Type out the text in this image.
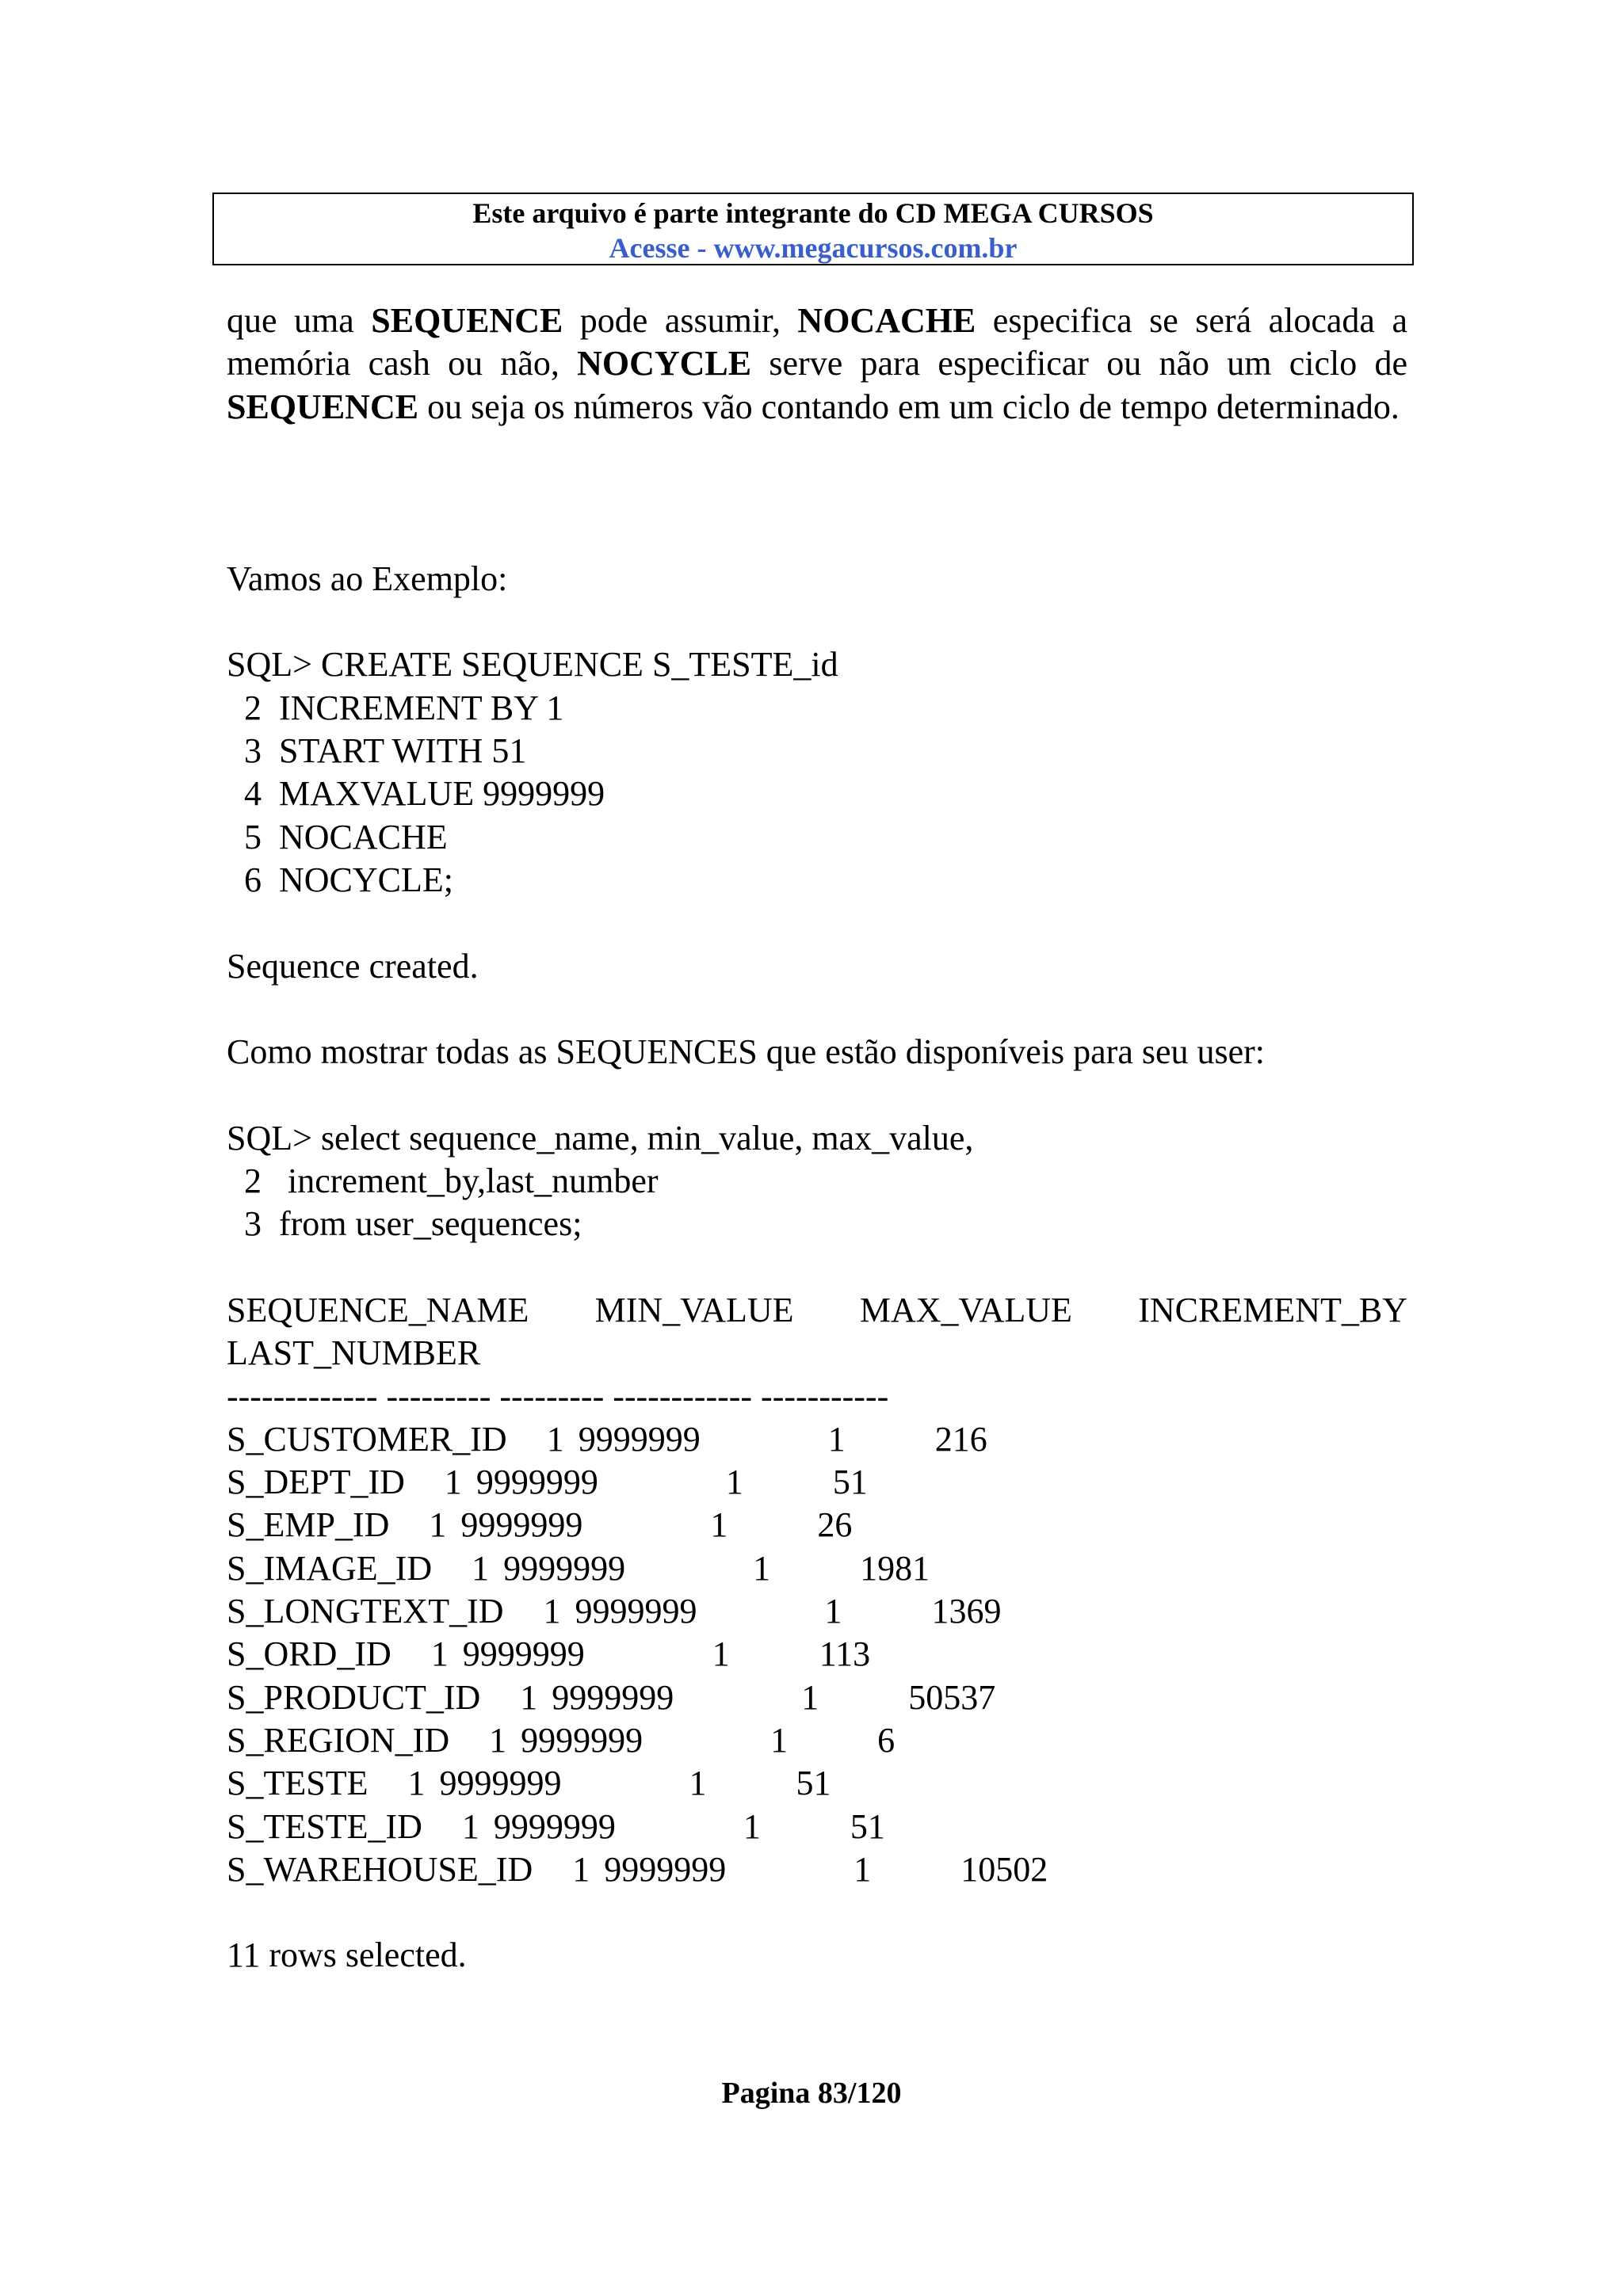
Este arquivo é parte integrante do CD MEGA CURSOS
Acesse - www.megacursos.com.br
que uma SEQUENCE pode assumir, NOCACHE especifica se será alocada a memória cash ou não, NOCYCLE serve para especificar ou não um ciclo de SEQUENCE ou seja os números vão contando em um ciclo de tempo determinado.
Vamos ao Exemplo:
SQL> CREATE SEQUENCE S_TESTE_id
2  INCREMENT BY 1
3  START WITH 51
4  MAXVALUE 9999999
5  NOCACHE
6  NOCYCLE;
Sequence created.
Como mostrar todas as SEQUENCES que estão disponíveis para seu user:
SQL> select sequence_name, min_value, max_value,
2   increment_by,last_number
3  from user_sequences;
SEQUENCE_NAME MIN_VALUE MAX_VALUE INCREMENT_BY
LAST_NUMBER
------------- --------- --------- ------------ -----------
S_CUSTOMER_ID 1 9999999	1	216
S_DEPT_ID 1 9999999	1	51
S_EMP_ID 1 9999999	1	26
S_IMAGE_ID 1 9999999	1	1981
S_LONGTEXT_ID 1 9999999	1	1369
S_ORD_ID 1 9999999	1	113
S_PRODUCT_ID 1 9999999	1	50537
S_REGION_ID 1 9999999	1	6
S_TESTE 1 9999999	1	51
S_TESTE_ID 1 9999999	1	51
S_WAREHOUSE_ID 1 9999999	1	10502
11 rows selected.
Pagina 83/120
